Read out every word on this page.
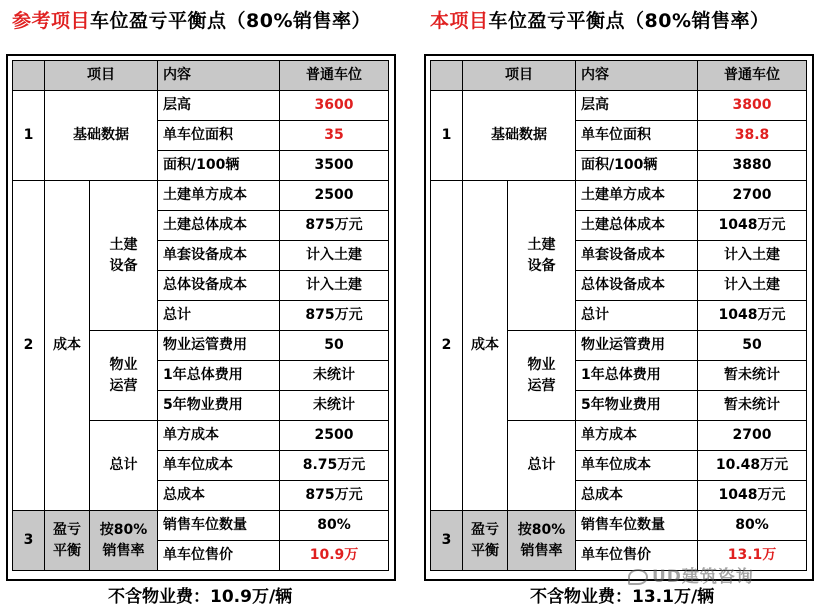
参考项目车位盈亏平衡点（80%销售率）
	项目		内容	普通车位
1	基础数据		层高	3600
			单车位面积	35
			面积/100辆	3500
2	成本	土建设备	土建单方成本	2500
			土建总体成本	875万元
			单套设备成本	计入土建
			总体设备成本	计入土建
			总计	875万元
		物业运营	物业运管费用	50
			1年总体费用	未统计
			5年物业费用	未统计
		总计	单方成本	2500
			单车位成本	8.75万元
			总成本	875万元
3	盈亏平衡	按80%销售率	销售车位数量	80%
			单车位售价	10.9万
本项目车位盈亏平衡点（80%销售率）
	项目		内容	普通车位
1	基础数据		层高	3800
			单车位面积	38.8
			面积/100辆	3880
2	成本	土建设备	土建单方成本	2700
			土建总体成本	1048万元
			单套设备成本	计入土建
			总体设备成本	计入土建
			总计	1048万元
		物业运营	物业运管费用	50
			1年总体费用	暂未统计
			5年物业费用	暂未统计
		总计	单方成本	2700
			单车位成本	10.48万元
			总成本	1048万元
3	盈亏平衡	按80%销售率	销售车位数量	80%
			单车位售价	13.1万
不含物业费：10.9万/辆	不含物业费：13.1万/辆
UD建筑咨询
